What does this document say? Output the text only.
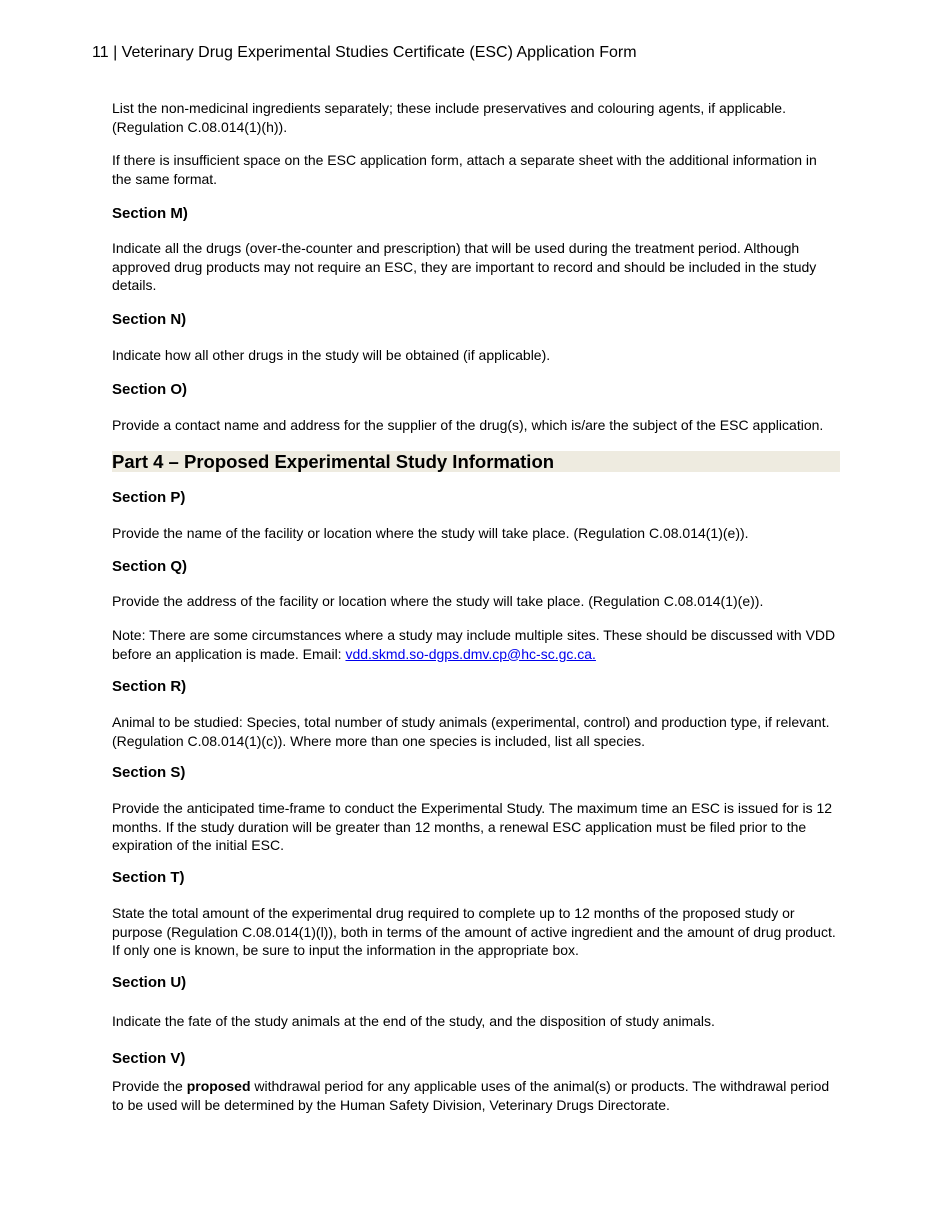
11 | Veterinary Drug Experimental Studies Certificate (ESC) Application Form

List the non-medicinal ingredients separately; these include preservatives and colouring agents, if applicable. (Regulation C.08.014(1)(h)).

If there is insufficient space on the ESC application form, attach a separate sheet with the additional information in the same format.

Section M)

Indicate all the drugs (over-the-counter and prescription) that will be used during the treatment period. Although approved drug products may not require an ESC, they are important to record and should be included in the study details.

Section N)

Indicate how all other drugs in the study will be obtained (if applicable).

Section O)

Provide a contact name and address for the supplier of the drug(s), which is/are the subject of the ESC application.

Part 4 – Proposed Experimental Study Information
Section P)

Provide the name of the facility or location where the study will take place. (Regulation C.08.014(1)(e)).

Section Q)

Provide the address of the facility or location where the study will take place. (Regulation C.08.014(1)(e)).

Note: There are some circumstances where a study may include multiple sites. These should be discussed with VDD before an application is made. Email: vdd.skmd.so-dgps.dmv.cp@hc-sc.gc.ca.

Section R)

Animal to be studied: Species, total number of study animals (experimental, control) and production type, if relevant. (Regulation C.08.014(1)(c)). Where more than one species is included, list all species.

Section S)

Provide the anticipated time-frame to conduct the Experimental Study. The maximum time an ESC is issued for is 12 months. If the study duration will be greater than 12 months, a renewal ESC application must be filed prior to the expiration of the initial ESC.

Section T)

State the total amount of the experimental drug required to complete up to 12 months of the proposed study or purpose (Regulation C.08.014(1)(l)), both in terms of the amount of active ingredient and the amount of drug product. If only one is known, be sure to input the information in the appropriate box.

Section U)

Indicate the fate of the study animals at the end of the study, and the disposition of study animals.

Section V)

Provide the proposed withdrawal period for any applicable uses of the animal(s) or products. The withdrawal period to be used will be determined by the Human Safety Division, Veterinary Drugs Directorate.
